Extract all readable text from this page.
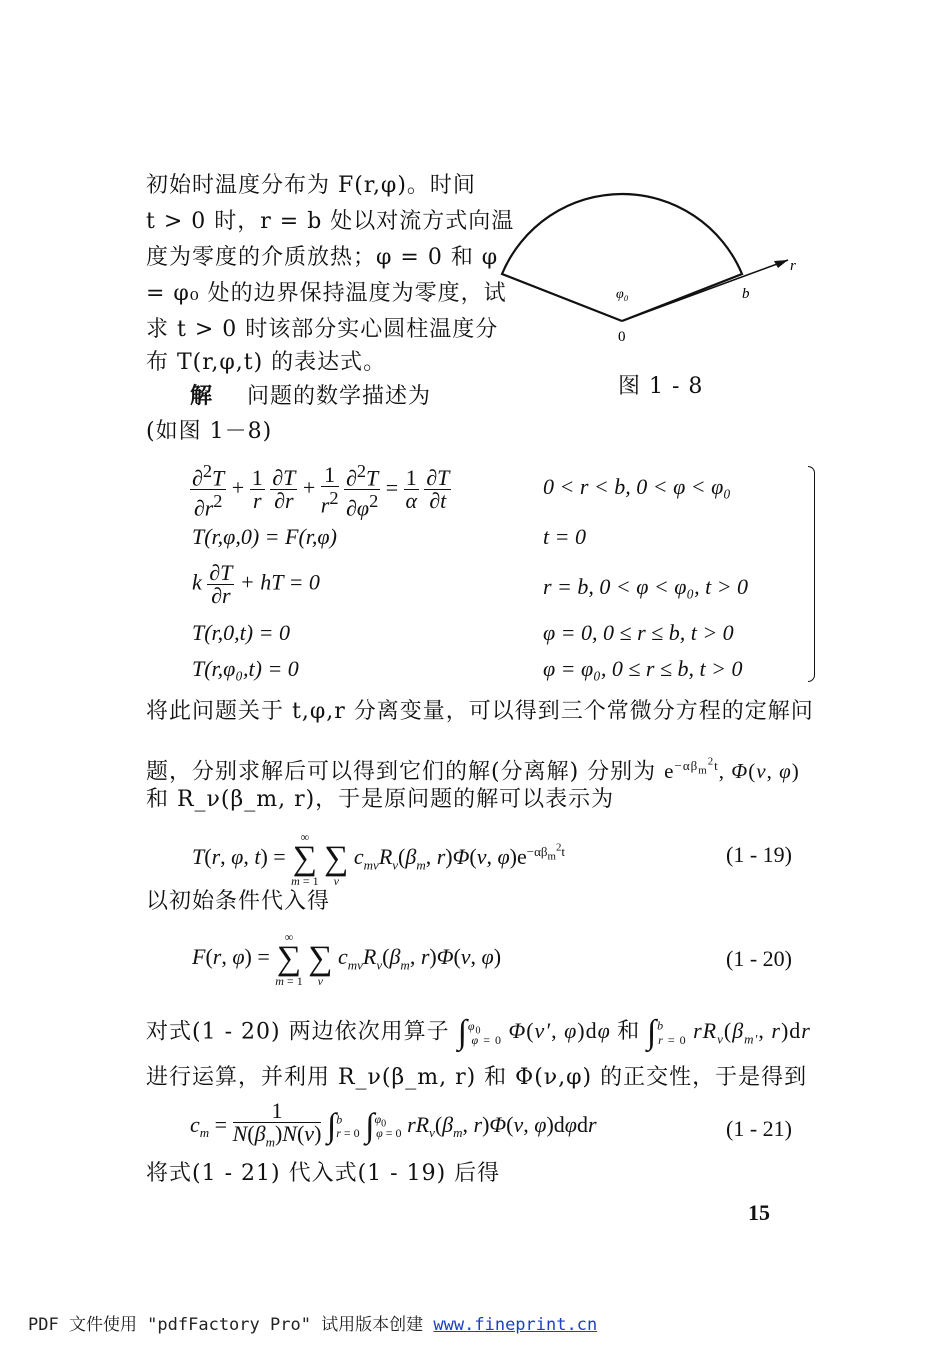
初始时温度分布为 F(r,φ)。时间
t > 0 时，r = b 处以对流方式向温
度为零度的介质放热；φ = 0 和 φ
= φ₀ 处的边界保持温度为零度，试
求 t > 0 时该部分实心圆柱温度分
布 T(r,φ,t) 的表达式。
解 问题的数学描述为
(如图 1－8)
φ₀	b
r
0
图 1 - 8
$\frac{\partial^2T}{\partial r^2} + \frac{1}{r}$
$\frac{\partial T}{\partial r} + \frac{1}{r^2}$
$\frac{\partial^2T}{\partial\varphi^2} = \frac{1}{\alpha}$
$\frac{\partial T}{\partial t}$	0 < r < b, 0 < φ < φ₀
T(r,φ,0) = F(r,φ)	t = 0
k $\frac{\partial T}{\partial r}$ + hT = 0	r = b, 0 < φ < φ₀, t > 0
T(r,0,t) = 0	φ = 0, 0 ≤ r ≤ b, t > 0
T(r,φ₀,t) = 0	φ = φ₀, 0 ≤ r ≤ b, t > 0
将此问题关于 t,φ,r 分离变量，可以得到三个常微分方程的定解问
题，分别求解后可以得到它们的解(分离解) 分别为 $e^{-\alpha\beta_m^2t}$, Φ(ν, φ)
和 R_ν(β_m, r)，于是原问题的解可以表示为
T(r, φ, t) =
∞
∑
m = 1

∑
ν
$c_{m\nu}R_\nu(\beta_m$, r)Φ(ν, $\varphi)e^{-\alpha\beta_m^2t}$	(1 - 19)
以初始条件代入得
F(r, φ) =
∞
∑
m = 1

∑
ν
$c_{m\nu}R_\nu(\beta_m$, r)Φ(ν, φ)	(1 - 20)
对式(1 - 20) 两边依次用算子 ∫$^{\varphi_0}_{\varphi = 0}$ Φ(ν′, φ)dφ 和 ∫$^b_{r = 0}$ $rR_\nu(\beta_{m'}$, r)dr
进行运算，并利用 R_ν(β_m, r) 和 Φ(ν,φ) 的正交性，于是得到
$c_m = \frac{1}{N(\beta_m)N(\nu)} \int^b_{r = 0}$ ∫$^{\varphi_0}_{\varphi = 0}$ $rR_\nu(\beta_m$, r)Φ(ν, φ)dφdr	(1 - 21)
将式(1 - 21) 代入式(1 - 19) 后得
15
PDF 文件使用 "pdfFactory Pro" 试用版本创建 www.fineprint.cn
